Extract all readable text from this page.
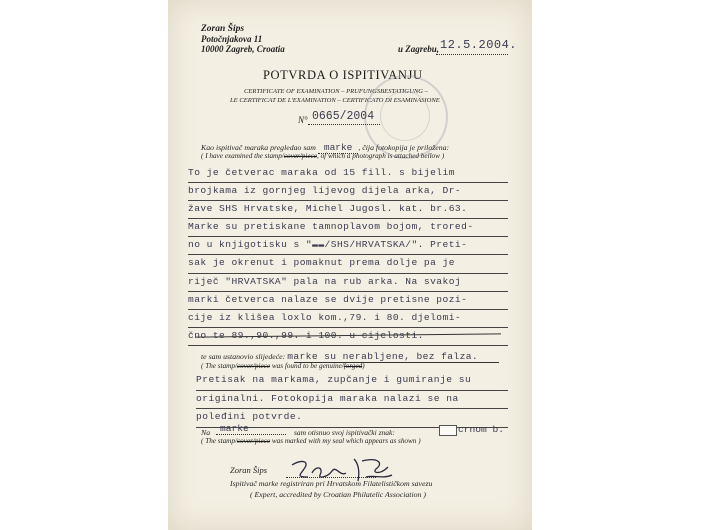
Zoran Šips
Potočnjakova 11
10000 Zagreb, Croatia	u Zagrebu, 12.5.2004.
POTVRDA O ISPITIVANJU
CERTIFICATE OF EXAMINATION – PRUFUNGSBESTATIGUNG –
LE CERTIFICAT DE L'EXAMINATION – CERTIFICATO DI ESAMINASIONE
N° 0665/2004
Kao ispitivač maraka pregledao sam marke , čija fotokopija je priložena:
( I have examined the stamp/cover/piece, of which a photograph is attached bellow )
To je četverac maraka od 15 fill. s bijelim
brojkama iz gornjeg lijevog dijela arka, Dr-
žave SHS Hrvatske, Michel Jugosl. kat. br.63.
Marke su pretiskane tamnoplavom bojom, trored-
no u knjigotisku s "▬▬/SHS/HRVATSKA/". Preti-
sak je okrenut i pomaknut prema dolje pa je
riječ "HRVATSKA" pala na rub arka. Na svakoj
marki četverca nalaze se dvije pretisne pozi-
cije iz klišeа loxlo kom.,79. i 80. djelomi-
čno te 89.,90.,99. i 100. u cijelosti.
te sam ustanovio slijedeće: marke su nerabljene, bez falza.
( The stamp/cover/piece was found to be genuine/forged)
Pretisak na markama, zupčanje i gumiranje su
originalni. Fotokopija maraka nalazi se na
poleđini potvrde.
Na marke	sam otisnuo svoj ispitivački znak:	crnom b.
( The stamp/cover/piece was marked with my seal which appears as shown )
Zoran Šips
Ispitivač marke registriran pri Hrvatskom Filatelističkom savezu
( Expert, accredited by Croatian Philatelic Association )
